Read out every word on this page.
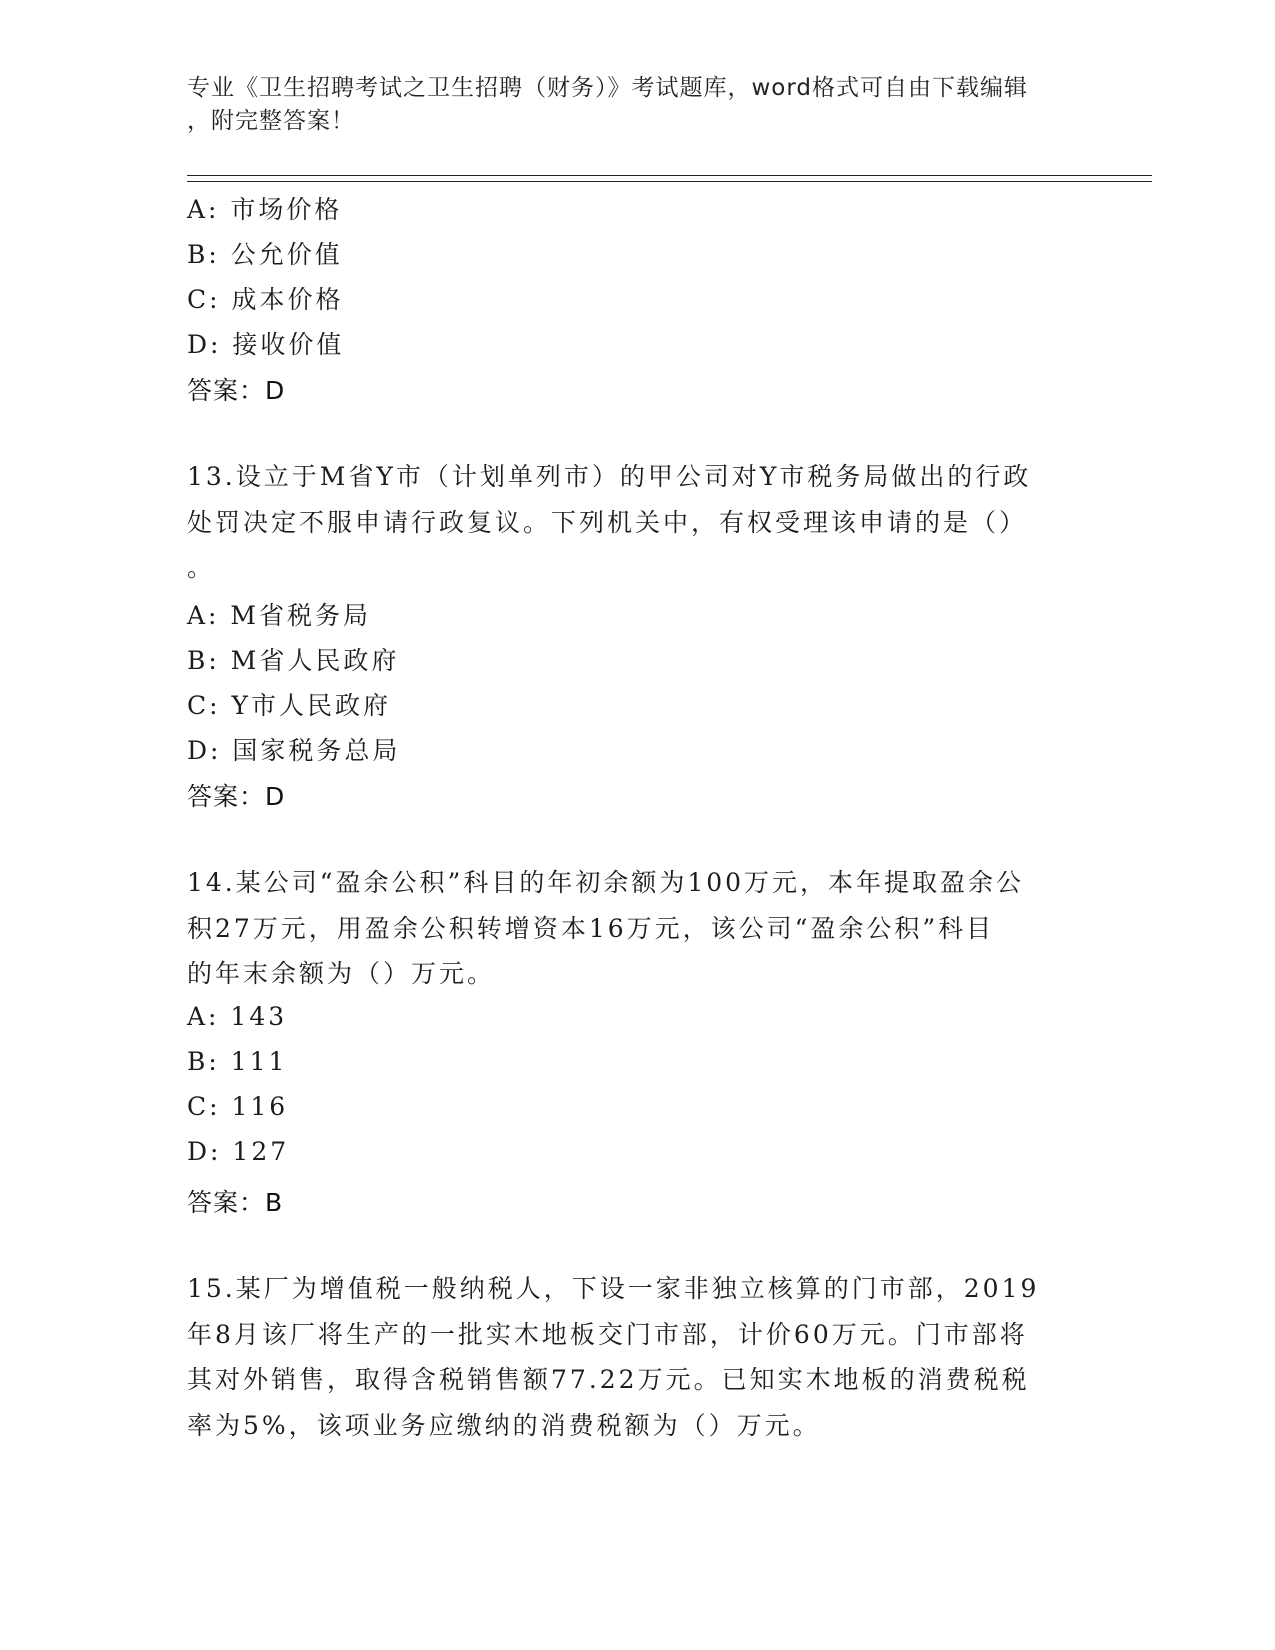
专业《卫生招聘考试之卫生招聘（财务）》考试题库，word格式可自由下载编辑
，附完整答案！
A: 市场价格
B: 公允价值
C: 成本价格
D: 接收价值
答案：D
13.设立于M省Y市（计划单列市）的甲公司对Y市税务局做出的行政
处罚决定不服申请行政复议。下列机关中，有权受理该申请的是（）
。
A: M省税务局
B: M省人民政府
C: Y市人民政府
D: 国家税务总局
答案：D
14.某公司“盈余公积”科目的年初余额为100万元，本年提取盈余公
积27万元，用盈余公积转增资本16万元，该公司“盈余公积”科目
的年末余额为（）万元。
A: 143
B: 111
C: 116
D: 127
答案：B
15.某厂为增值税一般纳税人，下设一家非独立核算的门市部，2019
年8月该厂将生产的一批实木地板交门市部，计价60万元。门市部将
其对外销售，取得含税销售额77.22万元。已知实木地板的消费税税
率为5%，该项业务应缴纳的消费税额为（）万元。
